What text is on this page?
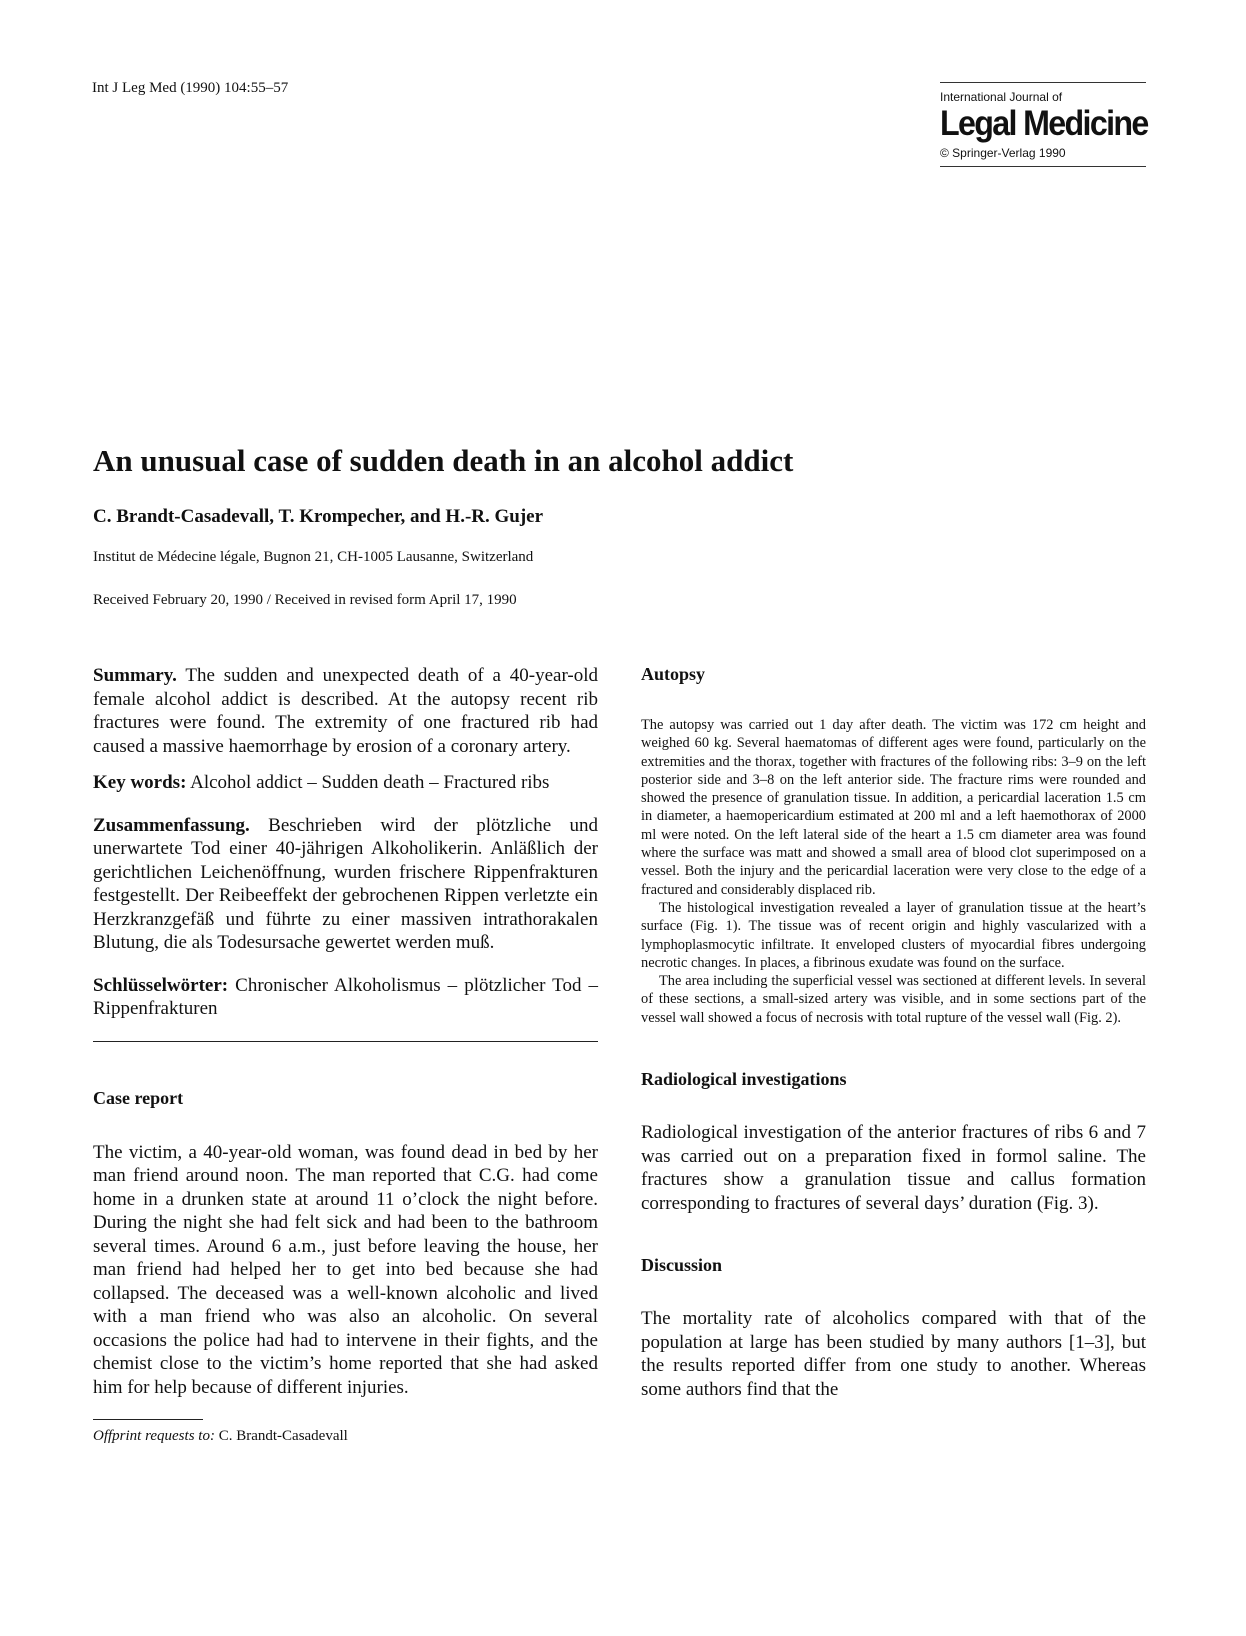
Int J Leg Med (1990) 104:55–57
International Journal of
Legal Medicine
© Springer-Verlag 1990
An unusual case of sudden death in an alcohol addict
C. Brandt-Casadevall, T. Krompecher, and H.-R. Gujer
Institut de Médecine légale, Bugnon 21, CH-1005 Lausanne, Switzerland
Received February 20, 1990 / Received in revised form April 17, 1990

Summary. The sudden and unexpected death of a 40-year-old female alcohol addict is described. At the autopsy recent rib fractures were found. The extremity of one fractured rib had caused a massive haemorrhage by erosion of a coronary artery.

Key words: Alcohol addict – Sudden death – Fractured ribs

Zusammenfassung. Beschrieben wird der plötzliche und unerwartete Tod einer 40-jährigen Alkoholikerin. Anläßlich der gerichtlichen Leichenöffnung, wurden frischere Rippenfrakturen festgestellt. Der Reibeeffekt der gebrochenen Rippen verletzte ein Herzkranzgefäß und führte zu einer massiven intrathorakalen Blutung, die als Todesursache gewertet werden muß.

Schlüsselwörter: Chronischer Alkoholismus – plötzlicher Tod – Rippenfrakturen

Case report

The victim, a 40-year-old woman, was found dead in bed by her man friend around noon. The man reported that C.G. had come home in a drunken state at around 11 o’clock the night before. During the night she had felt sick and had been to the bathroom several times. Around 6 a.m., just before leaving the house, her man friend had helped her to get into bed because she had collapsed. The deceased was a well-known alcoholic and lived with a man friend who was also an alcoholic. On several occasions the police had had to intervene in their fights, and the chemist close to the victim’s home reported that she had asked him for help because of different injuries.

Offprint requests to: C. Brandt-Casadevall
Autopsy

The autopsy was carried out 1 day after death. The victim was 172 cm height and weighed 60 kg. Several haematomas of different ages were found, particularly on the extremities and the thorax, together with fractures of the following ribs: 3–9 on the left posterior side and 3–8 on the left anterior side. The fracture rims were rounded and showed the presence of granulation tissue. In addition, a pericardial laceration 1.5 cm in diameter, a haemopericardium estimated at 200 ml and a left haemothorax of 2000 ml were noted. On the left lateral side of the heart a 1.5 cm diameter area was found where the surface was matt and showed a small area of blood clot superimposed on a vessel. Both the injury and the pericardial laceration were very close to the edge of a fractured and considerably displaced rib.

The histological investigation revealed a layer of granulation tissue at the heart’s surface (Fig. 1). The tissue was of recent origin and highly vascularized with a lymphoplasmocytic infiltrate. It enveloped clusters of myocardial fibres undergoing necrotic changes. In places, a fibrinous exudate was found on the surface.

The area including the superficial vessel was sectioned at different levels. In several of these sections, a small-sized artery was visible, and in some sections part of the vessel wall showed a focus of necrosis with total rupture of the vessel wall (Fig. 2).

Radiological investigations

Radiological investigation of the anterior fractures of ribs 6 and 7 was carried out on a preparation fixed in formol saline. The fractures show a granulation tissue and callus formation corresponding to fractures of several days’ duration (Fig. 3).

Discussion

The mortality rate of alcoholics compared with that of the population at large has been studied by many authors [1–3], but the results reported differ from one study to another. Whereas some authors find that the
